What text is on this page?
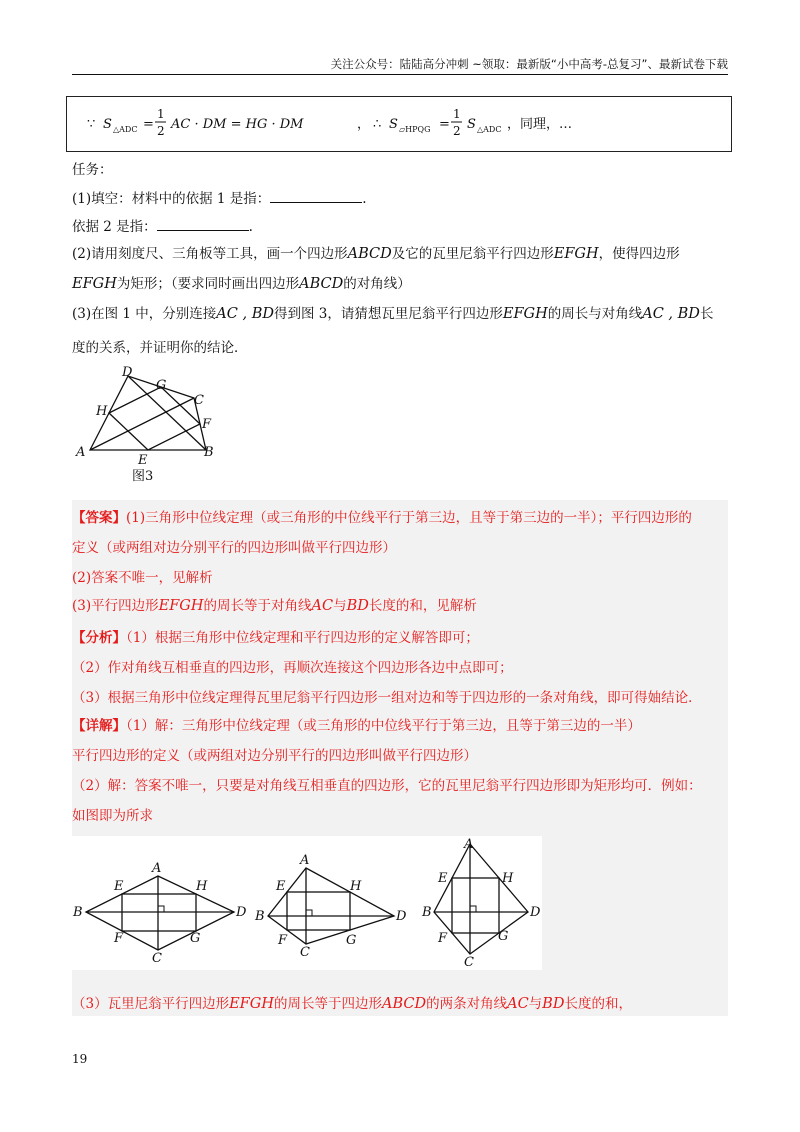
关注公众号：陆陆高分冲刺 ~领取：最新版“小中高考-总复习”、最新试卷下载
∵ S △ADC =
1
2 AC · DM = HG · DM	， ∴ S ▱HPQG =
1
2 S △ADC ，同理，…
任务：
(1)填空：材料中的依据 1 是指：	.
依据 2 是指：	.
(2)请用刻度尺、三角板等工具，画一个四边形ABCD及它的瓦里尼翁平行四边形EFGH，使得四边形
EFGH为矩形；（要求同时画出四边形ABCD的对角线）
(3)在图 1 中，分别连接AC , BD得到图 3，请猜想瓦里尼翁平行四边形EFGH的周长与对角线AC , BD长
度的关系，并证明你的结论．
D
G
C
H
F
A	B
E
图3
【答案】(1)三角形中位线定理（或三角形的中位线平行于第三边，且等于第三边的一半）；平行四边形的
定义（或两组对边分别平行的四边形叫做平行四边形）
(2)答案不唯一，见解析
(3)平行四边形EFGH的周长等于对角线AC与BD长度的和，见解析
【分析】（1）根据三角形中位线定理和平行四边形的定义解答即可；
（2）作对角线互相垂直的四边形，再顺次连接这个四边形各边中点即可；
（3）根据三角形中位线定理得瓦里尼翁平行四边形一组对边和等于四边形的一条对角线，即可得妯结论．
【详解】（1）解：三角形中位线定理（或三角形的中位线平行于第三边，且等于第三边的一半）
平行四边形的定义（或两组对边分别平行的四边形叫做平行四边形）
（2）解：答案不唯一，只要是对角线互相垂直的四边形，它的瓦里尼翁平行四边形即为矩形均可．例如：
如图即为所求
A
E	H
B	D
F	G
C
A
E	H
B	D
F	G
C
A
E	H
B	D
F	G
C
（3）瓦里尼翁平行四边形EFGH的周长等于四边形ABCD的两条对角线AC与BD长度的和，
19
